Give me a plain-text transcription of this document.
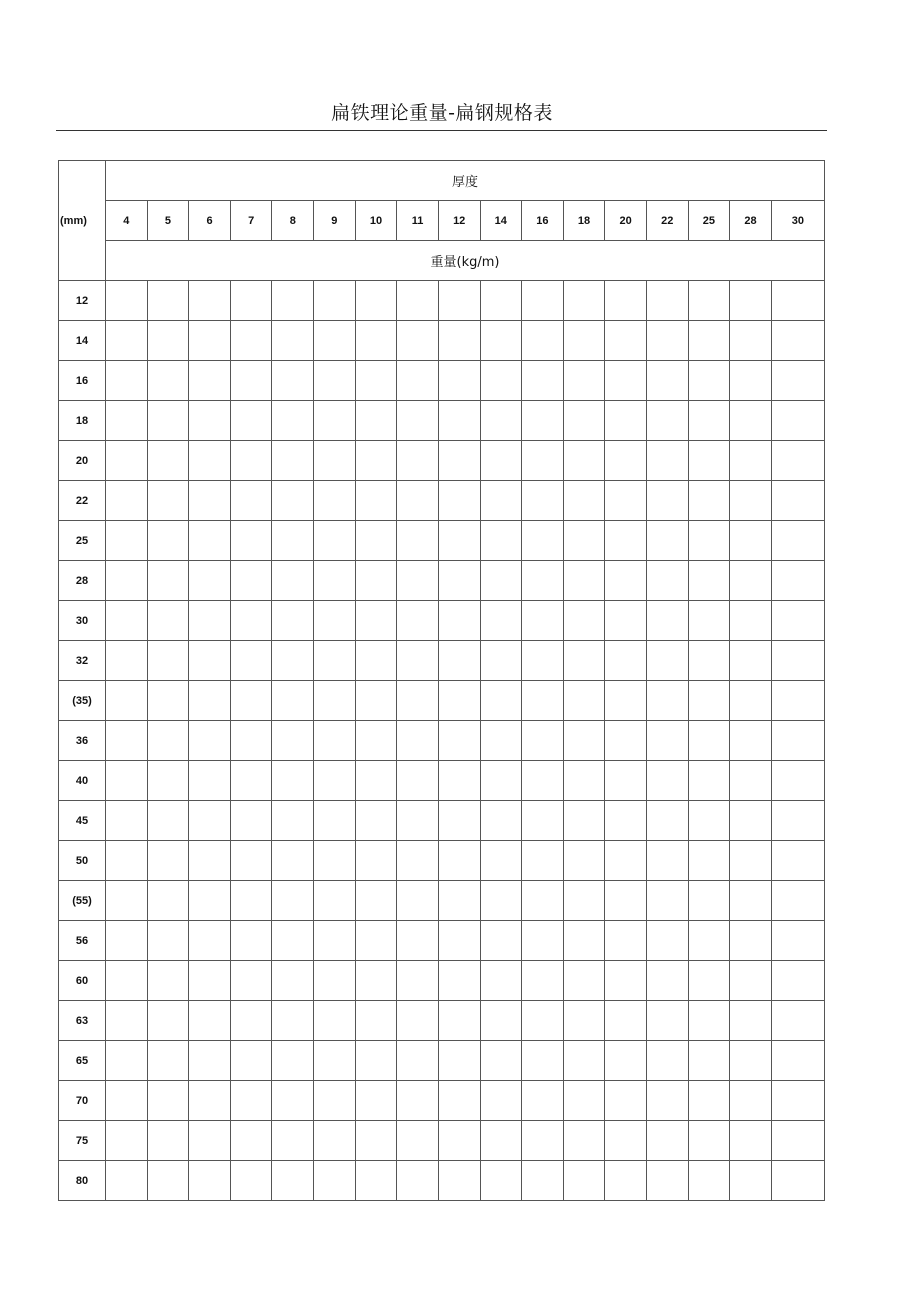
扁铁理论重量-扁钢规格表
(mm)	厚度																
	4	5	6	7	8	9	10	11	12	14	16	18	20	22	25	28	30
	重量(kg/m)																
12																	
14																	
16																	
18																	
20																	
22																	
25																	
28																	
30																	
32																	
(35)																	
36																	
40																	
45																	
50																	
(55)																	
56																	
60																	
63																	
65																	
70																	
75																	
80																	
